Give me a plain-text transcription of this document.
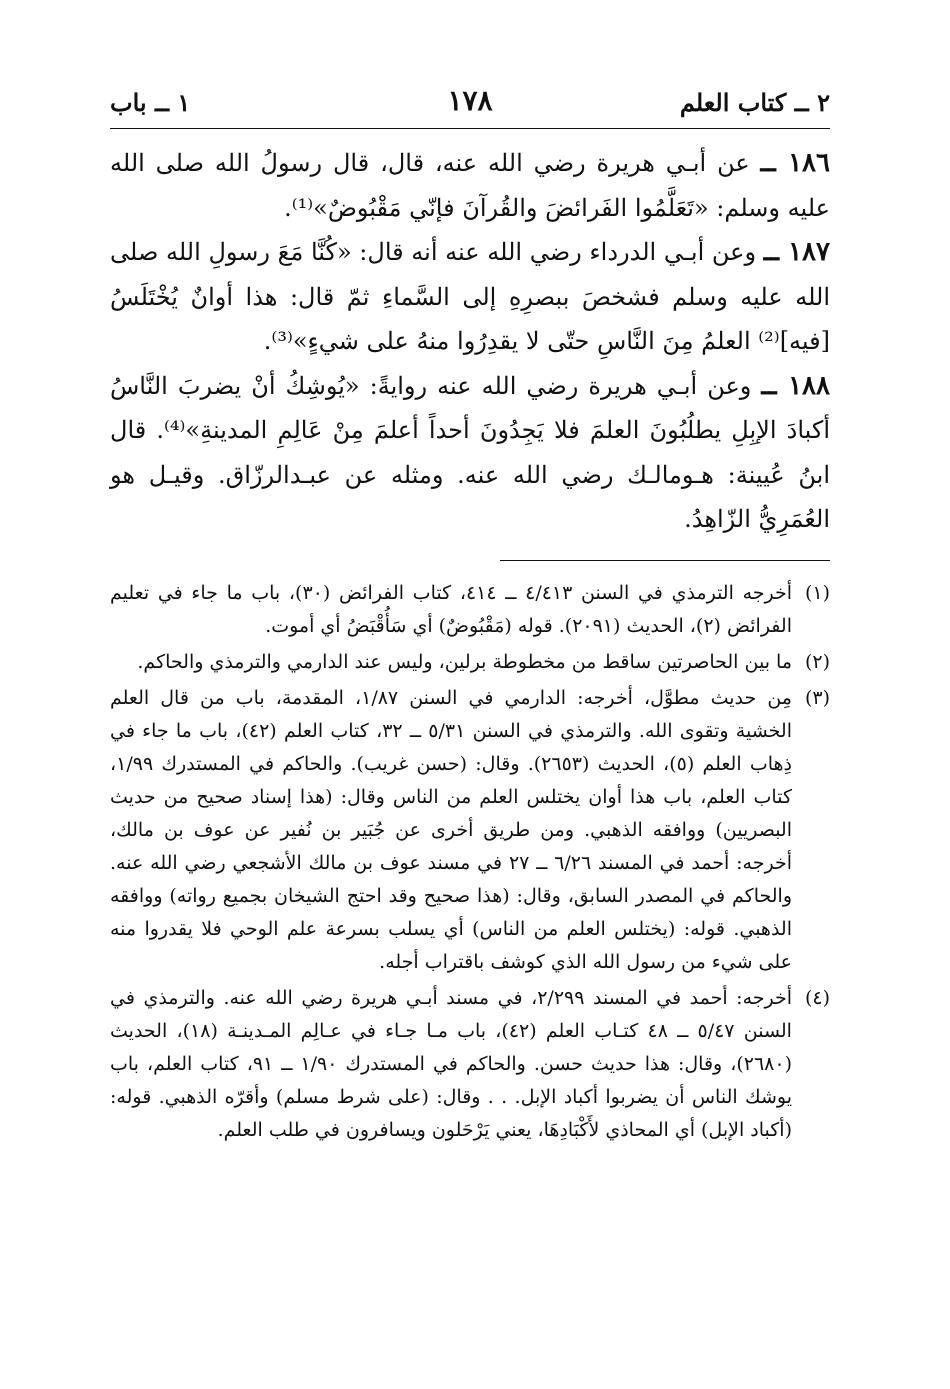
٢ ــ كتاب العلم
١٧٨
١ ــ باب

١٨٦ ــ عن أبـي هريرة رضي الله عنه، قال، قال رسولُ الله صلى الله عليه وسلم: «تَعَلَّمُوا الفَرائضَ والقُرآنَ فإنّي مَقْبُوضٌ»⁽¹⁾.

١٨٧ ــ وعن أبـي الدرداء رضي الله عنه أنه قال: «كُنَّا مَعَ رسولِ الله صلى الله عليه وسلم فشخصَ ببصرِهِ إلى السَّماءِ ثمّ قال: هذا أوانٌ يُخْتَلَسُ [فيه]⁽²⁾ العلمُ مِنَ النَّاسِ حتّى لا يقدِرُوا منهُ على شيءٍ»⁽³⁾.

١٨٨ ــ وعن أبـي هريرة رضي الله عنه روايةً: «يُوشِكُ أنْ يضربَ النَّاسُ أكبادَ الإبِلِ يطلُبُونَ العلمَ فلا يَجِدُونَ أحداً أعلمَ مِنْ عَالِمِ المدينةِ»⁽⁴⁾. قال ابنُ عُيينة: هـومالـك رضي الله عنه. ومثله عن عبـدالرزّاق. وقيـل هو العُمَرِيُّ الزّاهِدُ.

(١)
أخرجه الترمذي في السنن ٤/٤١٣ ــ ٤١٤، كتاب الفرائض (٣٠)، باب ما جاء في تعليم الفرائض (٢)، الحديث (٢٠٩١). قوله (مَقْبُوضٌ) أي سَأُقْبَضُ أي أموت.
(٢)
ما بين الحاصرتين ساقط من مخطوطة برلين، وليس عند الدارمي والترمذي والحاكم.
(٣)
مِن حديث مطوَّل، أخرجه: الدارمي في السنن ١/٨٧، المقدمة، باب من قال العلم الخشية وتقوى الله. والترمذي في السنن ٥/٣١ ــ ٣٢، كتاب العلم (٤٢)، باب ما جاء في ذِهاب العلم (٥)، الحديث (٢٦٥٣). وقال: (حسن غريب). والحاكم في المستدرك ١/٩٩، كتاب العلم، باب هذا أوان يختلس العلم من الناس وقال: (هذا إسناد صحيح من حديث البصريين) ووافقه الذهبي. ومن طريق أخرى عن جُبَير بن نُفير عن عوف بن مالك، أخرجه: أحمد في المسند ٦/٢٦ ــ ٢٧ في مسند عوف بن مالك الأشجعي رضي الله عنه. والحاكم في المصدر السابق، وقال: (هذا صحيح وقد احتج الشيخان بجميع رواته) ووافقه الذهبي. قوله: (يختلس العلم من الناس) أي يسلب بسرعة علم الوحي فلا يقدروا منه على شيء من رسول الله الذي كوشف باقتراب أجله.
(٤)
أخرجه: أحمد في المسند ٢/٢٩٩، في مسند أبـي هريرة رضي الله عنه. والترمذي في السنن ٥/٤٧ ــ ٤٨ كتـاب العلم (٤٢)، باب مـا جـاء في عـالِم المـدينـة (١٨)، الحديث (٢٦٨٠)، وقال: هذا حديث حسن. والحاكم في المستدرك ١/٩٠ ــ ٩١، كتاب العلم، باب يوشك الناس أن يضربوا أكباد الإبل. . . وقال: (على شرط مسلم) وأقرّه الذهبي. قوله: (أكباد الإبل) أي المحاذي لأَكْبَادِهَا، يعني يَرْحَلون ويسافرون في طلب العلم.
